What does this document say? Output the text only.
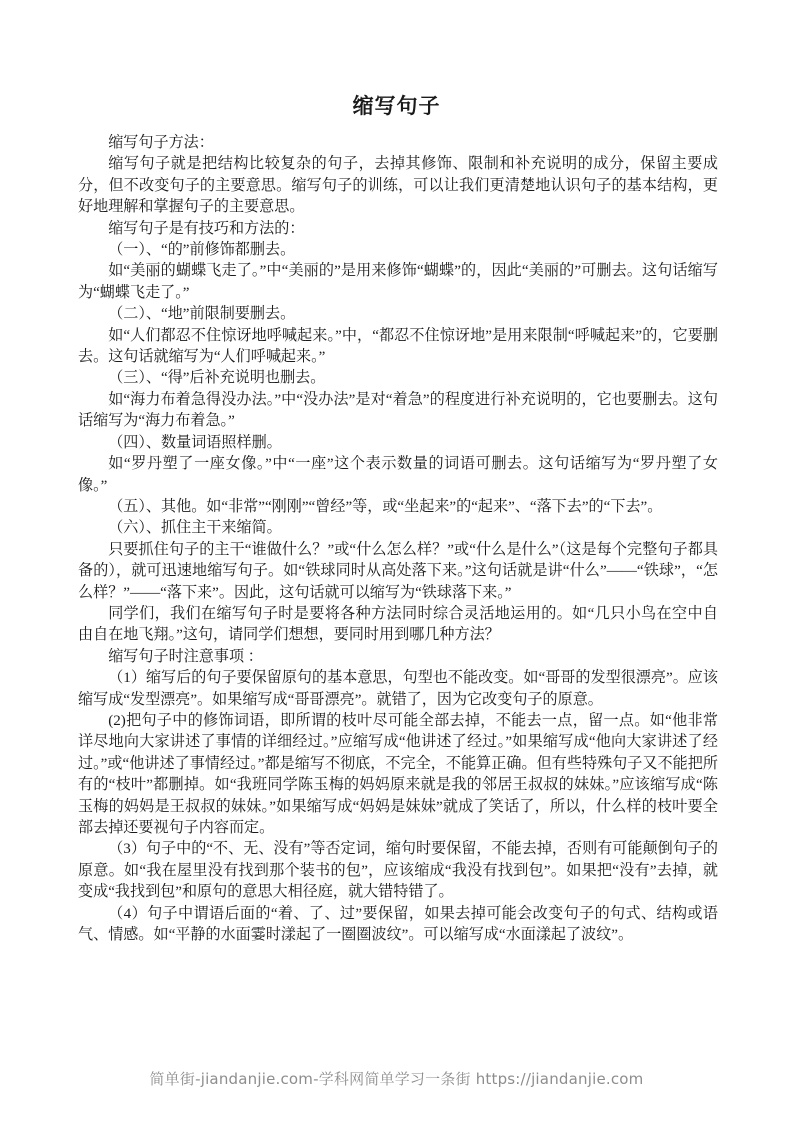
缩写句子

缩写句子方法：

缩写句子就是把结构比较复杂的句子，去掉其修饰、限制和补充说明的成分，保留主要成分，但不改变句子的主要意思。缩写句子的训练，可以让我们更清楚地认识句子的基本结构，更好地理解和掌握句子的主要意思。

缩写句子是有技巧和方法的：

（一）、“的”前修饰都删去。

如“美丽的蝴蝶飞走了。”中“美丽的”是用来修饰“蝴蝶”的，因此“美丽的”可删去。这句话缩写为“蝴蝶飞走了。”

（二）、“地”前限制要删去。

如“人们都忍不住惊讶地呼喊起来。”中，“都忍不住惊讶地”是用来限制“呼喊起来”的，它要删去。这句话就缩写为“人们呼喊起来。”

（三）、“得”后补充说明也删去。

如“海力布着急得没办法。”中“没办法”是对“着急”的程度进行补充说明的，它也要删去。这句话缩写为“海力布着急。”

（四）、数量词语照样删。

如“罗丹塑了一座女像。”中“一座”这个表示数量的词语可删去。这句话缩写为“罗丹塑了女像。”

（五）、其他。如“非常”“刚刚”“曾经”等，或“坐起来”的“起来”、“落下去”的“下去”。

（六）、抓住主干来缩简。

只要抓住句子的主干“谁做什么？”或“什么怎么样？”或“什么是什么”（这是每个完整句子都具备的），就可迅速地缩写句子。如“铁球同时从高处落下来。”这句话就是讲“什么”——“铁球”，“怎么样？”——“落下来”。因此，这句话就可以缩写为“铁球落下来。”

同学们，我们在缩写句子时是要将各种方法同时综合灵活地运用的。如“几只小鸟在空中自由自在地飞翔。”这句，请同学们想想，要同时用到哪几种方法？

缩写句子时注意事项 ：

（1）缩写后的句子要保留原句的基本意思，句型也不能改变。如“哥哥的发型很漂亮”。应该缩写成“发型漂亮”。如果缩写成“哥哥漂亮”。就错了，因为它改变句子的原意。

(2)把句子中的修饰词语，即所谓的枝叶尽可能全部去掉，不能去一点，留一点。如“他非常详尽地向大家讲述了事情的详细经过。”应缩写成“他讲述了经过。”如果缩写成“他向大家讲述了经过。”或“他讲述了事情经过。”都是缩写不彻底，不完全，不能算正确。但有些特殊句子又不能把所有的“枝叶”都删掉。如“我班同学陈玉梅的妈妈原来就是我的邻居王叔叔的妹妹。”应该缩写成“陈玉梅的妈妈是王叔叔的妹妹。”如果缩写成“妈妈是妹妹”就成了笑话了，所以，什么样的枝叶要全部去掉还要视句子内容而定。

（3）句子中的“不、无、没有”等否定词，缩句时要保留，不能去掉，否则有可能颠倒句子的原意。如“我在屋里没有找到那个装书的包”，应该缩成“我没有找到包”。如果把“没有”去掉，就变成“我找到包”和原句的意思大相径庭，就大错特错了。

（4）句子中谓语后面的“着、了、过”要保留，如果去掉可能会改变句子的句式、结构或语气、情感。如“平静的水面霎时漾起了一圈圈波纹”。可以缩写成“水面漾起了波纹”。

简单街-jiandanjie.com-学科网简单学习一条街 https://jiandanjie.com
